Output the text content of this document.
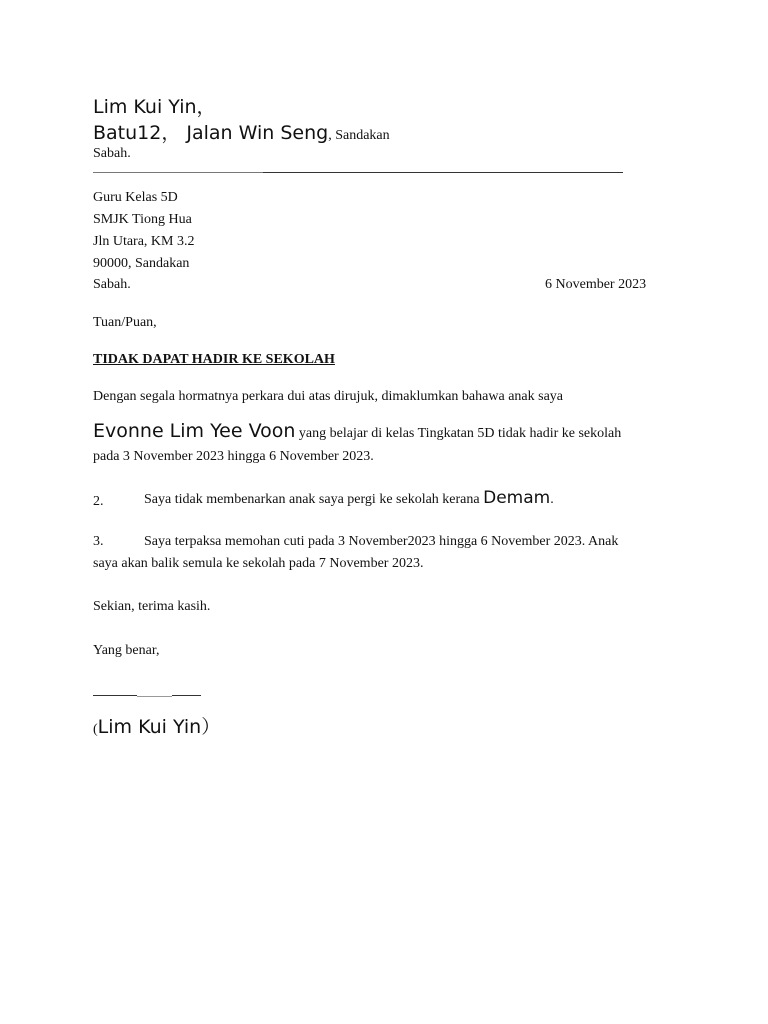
Lim Kui Yin，
Batu12， Jalan Win Seng, Sandakan
Sabah.
Guru Kelas 5D
SMJK Tiong Hua
Jln Utara, KM 3.2
90000, Sandakan
Sabah.	6 November 2023
Tuan/Puan,
TIDAK DAPAT HADIR KE SEKOLAH
Dengan segala hormatnya perkara dui atas dirujuk, dimaklumkan bahawa anak saya
Evonne Lim Yee Voon yang belajar di kelas Tingkatan 5D tidak hadir ke sekolah
pada 3 November 2023 hingga 6 November 2023.
2.	Saya tidak membenarkan anak saya pergi ke sekolah kerana Demam.
3.	Saya terpaksa memohan cuti pada 3 November2023 hingga 6 November 2023. Anak
saya akan balik semula ke sekolah pada 7 November 2023.
Sekian, terima kasih.
Yang benar,
(Lim Kui Yin）
